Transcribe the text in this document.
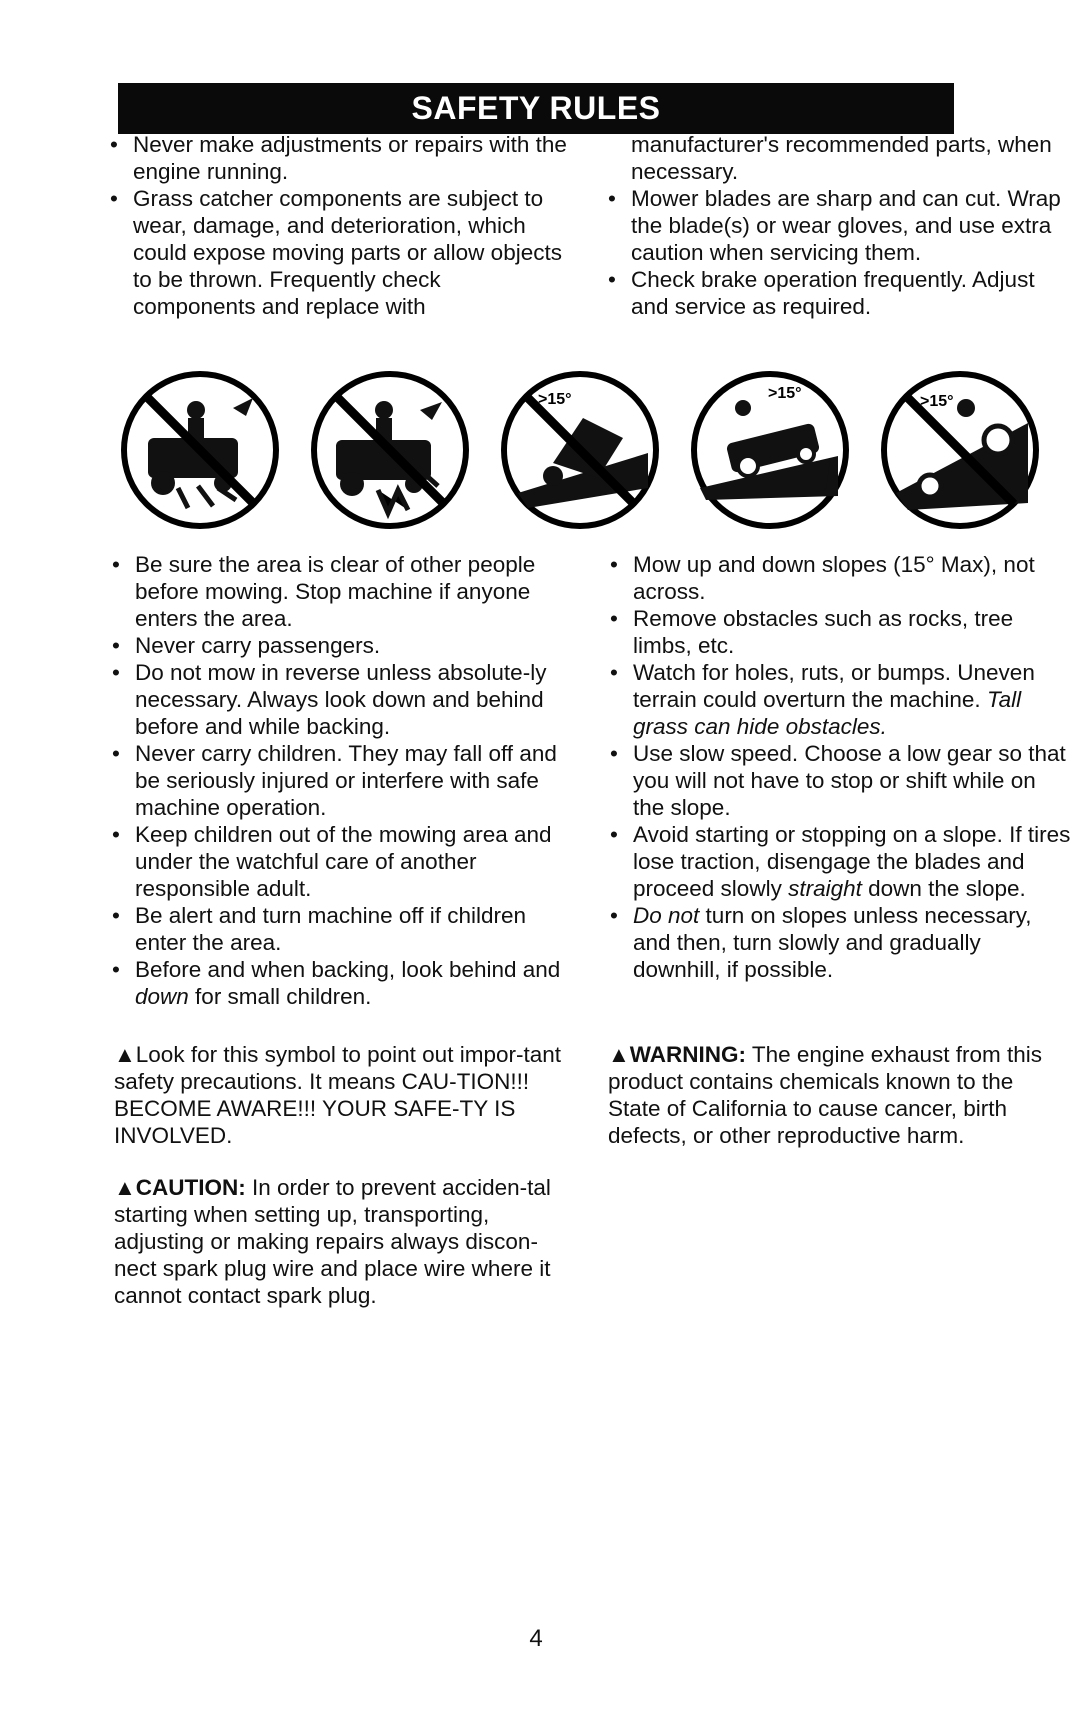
SAFETY RULES
• Never make adjustments or repairs with the engine running.
• Grass catcher components are subject to wear, damage, and deterioration, which could expose moving parts or allow objects to be thrown. Frequently check components and replace with
manufacturer's recommended parts, when necessary.
• Mower blades are sharp and can cut. Wrap the blade(s) or wear gloves, and use extra caution when servicing them.
• Check brake operation frequently. Adjust and service as required.
>15°	>15°	>15°
• Be sure the area is clear of other people before mowing. Stop machine if anyone enters the area.
• Never carry passengers.
• Do not mow in reverse unless absolute-ly necessary. Always look down and behind before and while backing.
• Never carry children. They may fall off and be seriously injured or interfere with safe machine operation.
• Keep children out of the mowing area and under the watchful care of another responsible adult.
• Be alert and turn machine off if children enter the area.
• Before and when backing, look behind and down for small children.
• Mow up and down slopes (15° Max), not across.
• Remove obstacles such as rocks, tree limbs, etc.
• Watch for holes, ruts, or bumps. Uneven terrain could overturn the machine. Tall grass can hide obstacles.
• Use slow speed. Choose a low gear so that you will not have to stop or shift while on the slope.
• Avoid starting or stopping on a slope. If tires lose traction, disengage the blades and proceed slowly straight down the slope.
• Do not turn on slopes unless necessary, and then, turn slowly and gradually downhill, if possible.

▲Look for this symbol to point out impor-tant safety precautions. It means CAU-TION!!! BECOME AWARE!!! YOUR SAFE-TY IS INVOLVED.

▲CAUTION: In order to prevent acciden-tal starting when setting up, transporting, adjusting or making repairs always discon-nect spark plug wire and place wire where it cannot contact spark plug.

▲WARNING: The engine exhaust from this product contains chemicals known to the State of California to cause cancer, birth defects, or other reproductive harm.

4
